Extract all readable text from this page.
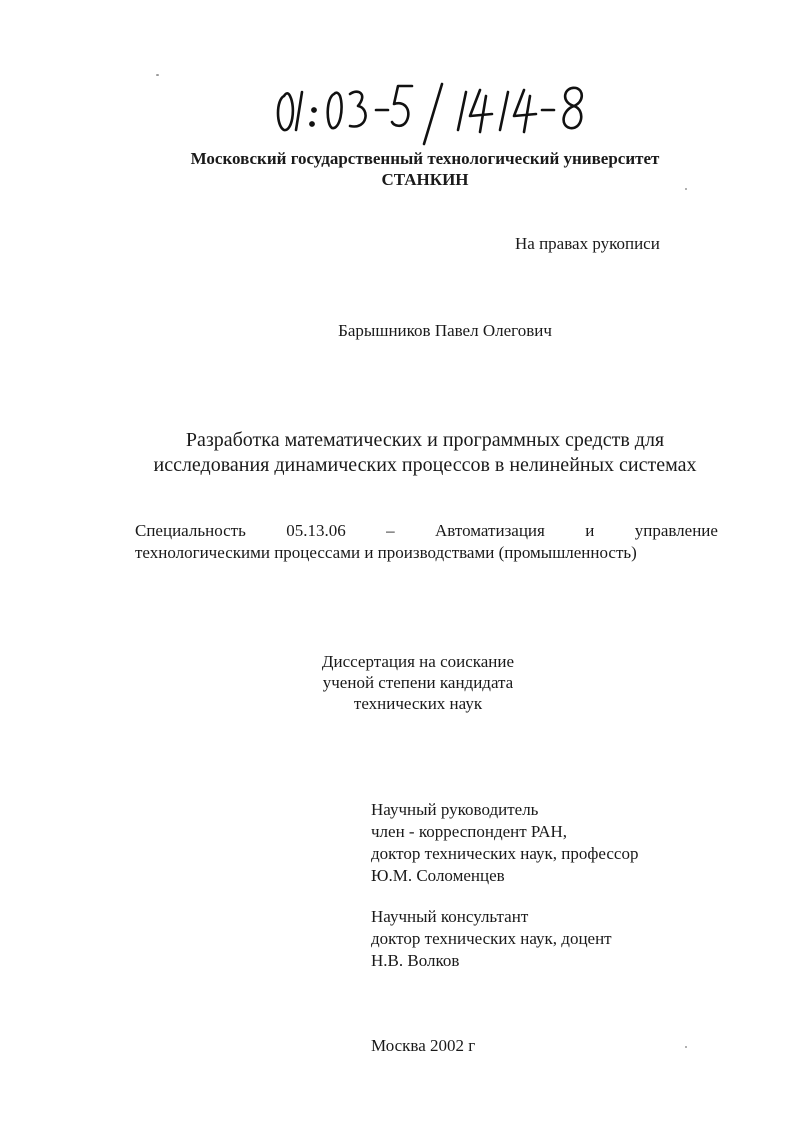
Московский государственный технологический университет
СТАНКИН
На правах рукописи
Барышников Павел Олегович
Разработка математических и программных средств для
исследования динамических процессов в нелинейных системах
Специальность 05.13.06 – Автоматизация и управление
технологическими процессами и производствами (промышленность)
Диссертация на соискание
ученой степени кандидата
технических наук
Научный руководитель
член - корреспондент РАН,
доктор технических наук, профессор
Ю.М. Соломенцев
Научный консультант
доктор технических наук, доцент
Н.В. Волков
Москва 2002 г
